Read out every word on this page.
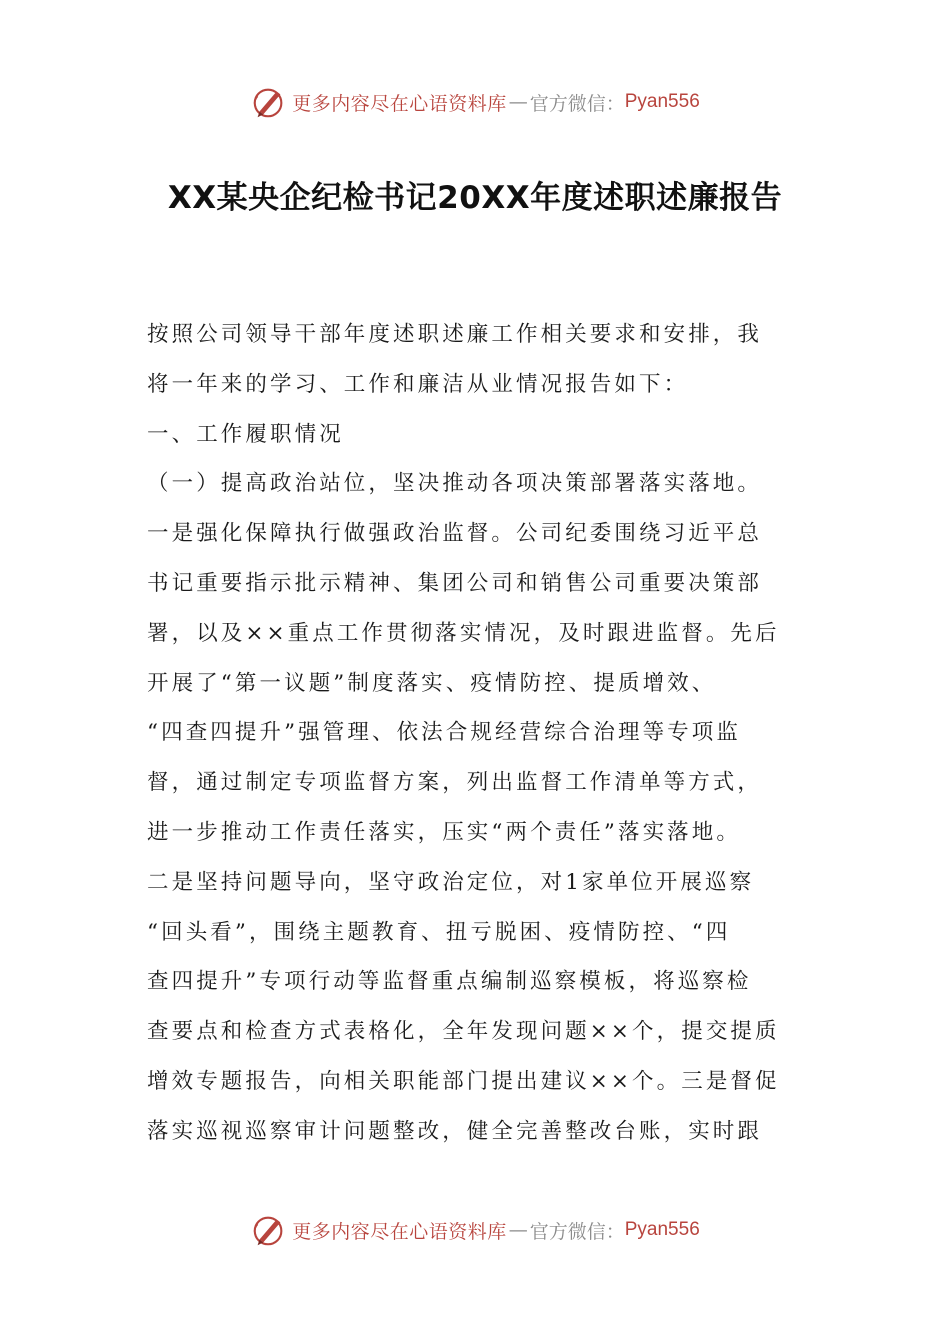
更多内容尽在心语资料库 — 官方微信： Pyan556
XX某央企纪检书记20XX年度述职述廉报告
按照公司领导干部年度述职述廉工作相关要求和安排，我
将一年来的学习、工作和廉洁从业情况报告如下：
一、工作履职情况
（一）提高政治站位，坚决推动各项决策部署落实落地。
一是强化保障执行做强政治监督。公司纪委围绕习近平总
书记重要指示批示精神、集团公司和销售公司重要决策部
署，以及××重点工作贯彻落实情况，及时跟进监督。先后
开展了“第一议题”制度落实、疫情防控、提质增效、
“四查四提升”强管理、依法合规经营综合治理等专项监
督，通过制定专项监督方案，列出监督工作清单等方式，
进一步推动工作责任落实，压实“两个责任”落实落地。
二是坚持问题导向，坚守政治定位，对1家单位开展巡察
“回头看”，围绕主题教育、扭亏脱困、疫情防控、“四
查四提升”专项行动等监督重点编制巡察模板，将巡察检
查要点和检查方式表格化，全年发现问题××个，提交提质
增效专题报告，向相关职能部门提出建议××个。三是督促
落实巡视巡察审计问题整改，健全完善整改台账，实时跟
更多内容尽在心语资料库 — 官方微信： Pyan556
